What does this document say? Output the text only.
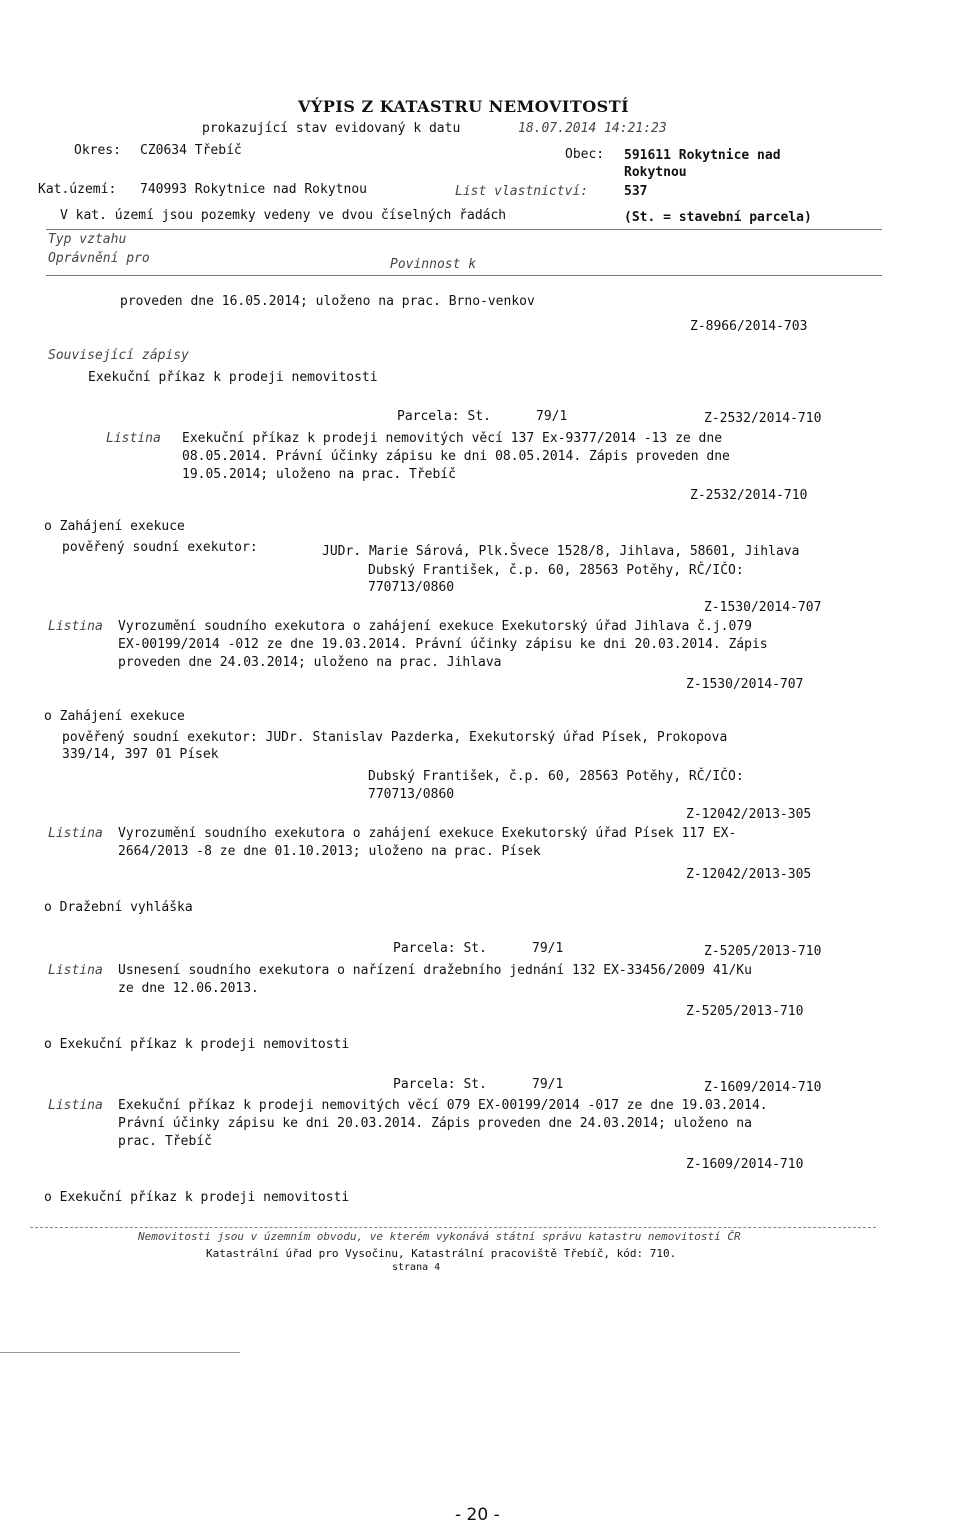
VÝPIS Z KATASTRU NEMOVITOSTÍ
prokazující stav evidovaný k datu	18.07.2014 14:21:23
Okres: CZ0634 Třebíč	Obec: 591611 Rokytnice nad
Rokytnou
Kat.území: 740993 Rokytnice nad Rokytnou	List vlastnictví:	537
V kat. území jsou pozemky vedeny ve dvou číselných řadách	(St. = stavební parcela)
Typ vztahu
Oprávnění pro	Povinnost k
proveden dne 16.05.2014; uloženo na prac. Brno-venkov
Z-8966/2014-703
Související zápisy
Exekuční příkaz k prodeji nemovitosti
Parcela: St.	79/1	Z-2532/2014-710
Listina Exekuční příkaz k prodeji nemovitých věcí 137 Ex-9377/2014 -13 ze dne
08.05.2014. Právní účinky zápisu ke dni 08.05.2014. Zápis proveden dne
19.05.2014; uloženo na prac. Třebíč
Z-2532/2014-710
o Zahájení exekuce
pověřený soudní exekutor:	JUDr. Marie Sárová, Plk.Švece 1528/8, Jihlava, 58601, Jihlava
Dubský František, č.p. 60, 28563 Potěhy, RČ/IČO:
770713/0860
Z-1530/2014-707
Listina Vyrozumění soudního exekutora o zahájení exekuce Exekutorský úřad Jihlava č.j.079
EX-00199/2014 -012 ze dne 19.03.2014. Právní účinky zápisu ke dni 20.03.2014. Zápis
proveden dne 24.03.2014; uloženo na prac. Jihlava
Z-1530/2014-707
o Zahájení exekuce
pověřený soudní exekutor: JUDr. Stanislav Pazderka, Exekutorský úřad Písek, Prokopova
339/14, 397 01 Písek
Dubský František, č.p. 60, 28563 Potěhy, RČ/IČO:
770713/0860
Z-12042/2013-305
Listina Vyrozumění soudního exekutora o zahájení exekuce Exekutorský úřad Písek 117 EX-
2664/2013 -8 ze dne 01.10.2013; uloženo na prac. Písek
Z-12042/2013-305
o Dražební vyhláška
Parcela: St.	79/1	Z-5205/2013-710
Listina Usnesení soudního exekutora o nařízení dražebního jednání 132 EX-33456/2009 41/Ku
ze dne 12.06.2013.
Z-5205/2013-710
o Exekuční příkaz k prodeji nemovitosti
Parcela: St.	79/1	Z-1609/2014-710
Listina Exekuční příkaz k prodeji nemovitých věcí 079 EX-00199/2014 -017 ze dne 19.03.2014.
Právní účinky zápisu ke dni 20.03.2014. Zápis proveden dne 24.03.2014; uloženo na
prac. Třebíč
Z-1609/2014-710
o Exekuční příkaz k prodeji nemovitosti
Nemovitosti jsou v územním obvodu, ve kterém vykonává státní správu katastru nemovitostí ČR
Katastrální úřad pro Vysočinu, Katastrální pracoviště Třebíč, kód: 710.
strana 4
- 20 -
